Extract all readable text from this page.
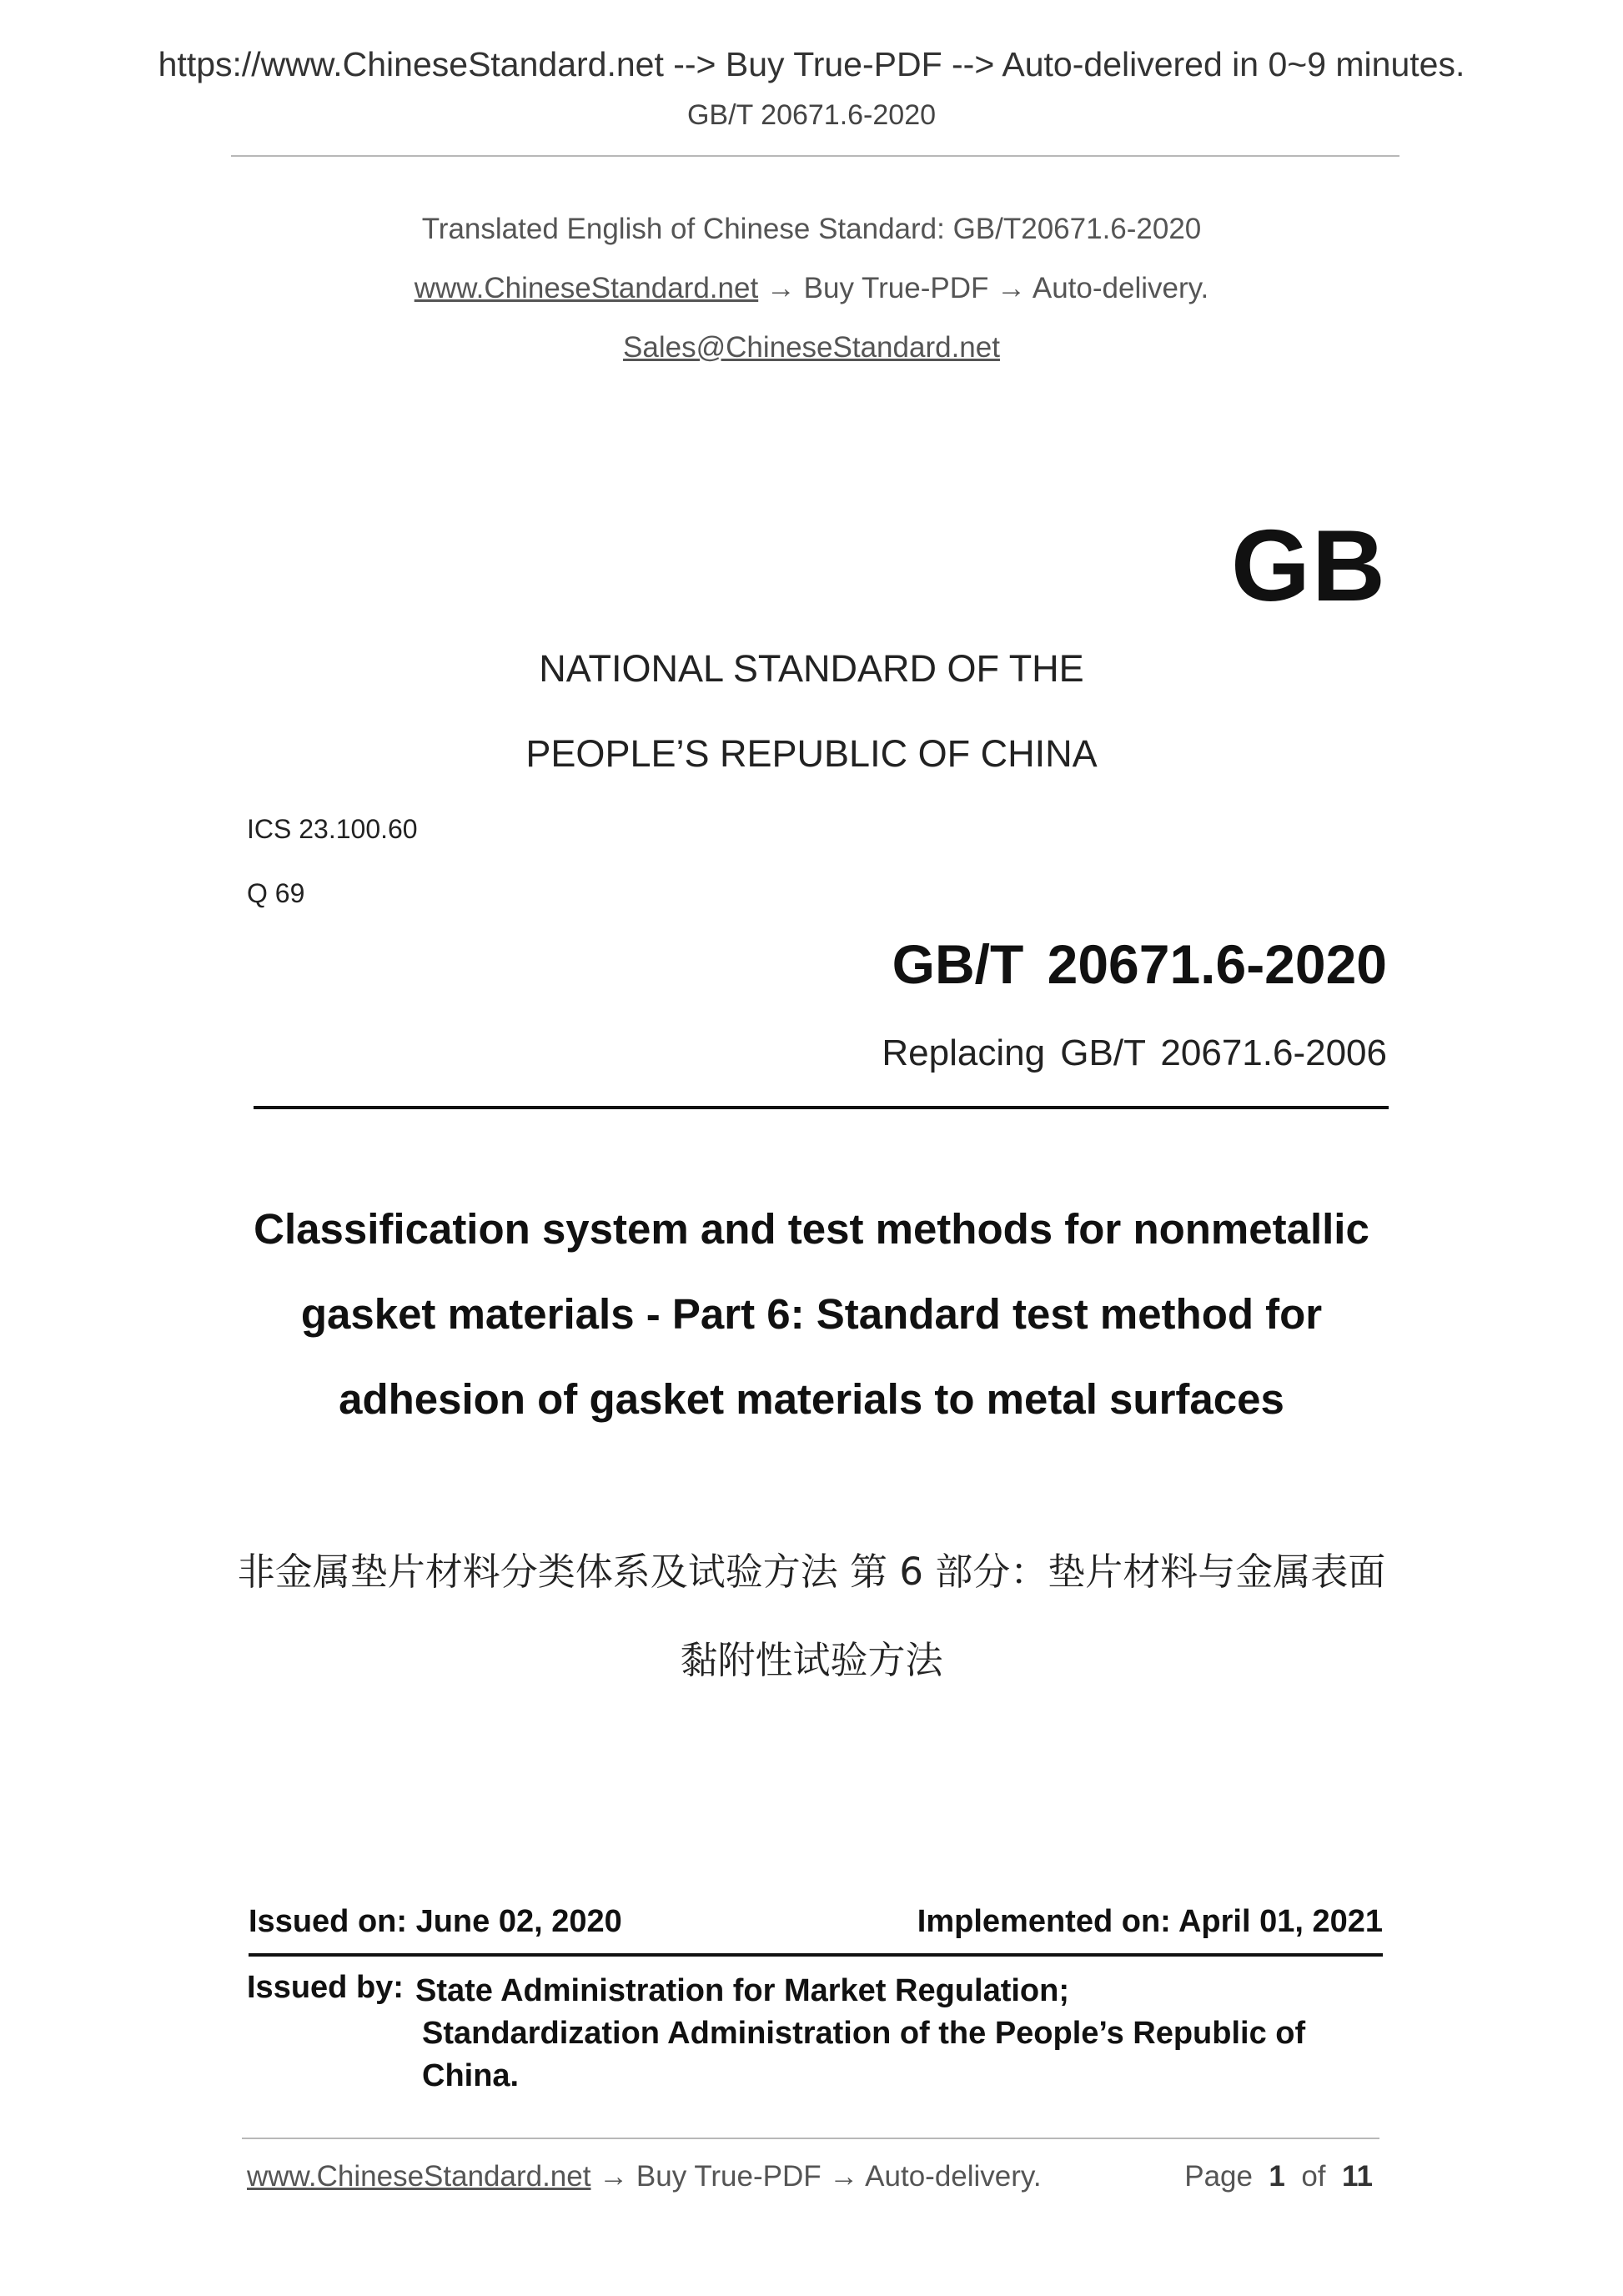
https://www.ChineseStandard.net --> Buy True-PDF --> Auto-delivered in 0~9 minutes.
GB/T 20671.6-2020
Translated English of Chinese Standard: GB/T20671.6-2020
www.ChineseStandard.net → Buy True-PDF → Auto-delivery.
Sales@ChineseStandard.net
GB
NATIONAL STANDARD OF THE
PEOPLE’S REPUBLIC OF CHINA
ICS 23.100.60
Q 69
GB/T 20671.6-2020
Replacing GB/T 20671.6-2006
Classification system and test methods for nonmetallic gasket materials - Part 6: Standard test method for adhesion of gasket materials to metal surfaces
非金属垫片材料分类体系及试验方法 第 6 部分：垫片材料与金属表面黏附性试验方法
Issued on: June 02, 2020	Implemented on: April 01, 2021
Issued by: State Administration for Market Regulation;
Standardization Administration of the People’s Republic of China.
www.ChineseStandard.net → Buy True-PDF → Auto-delivery.	Page 1 of 11
